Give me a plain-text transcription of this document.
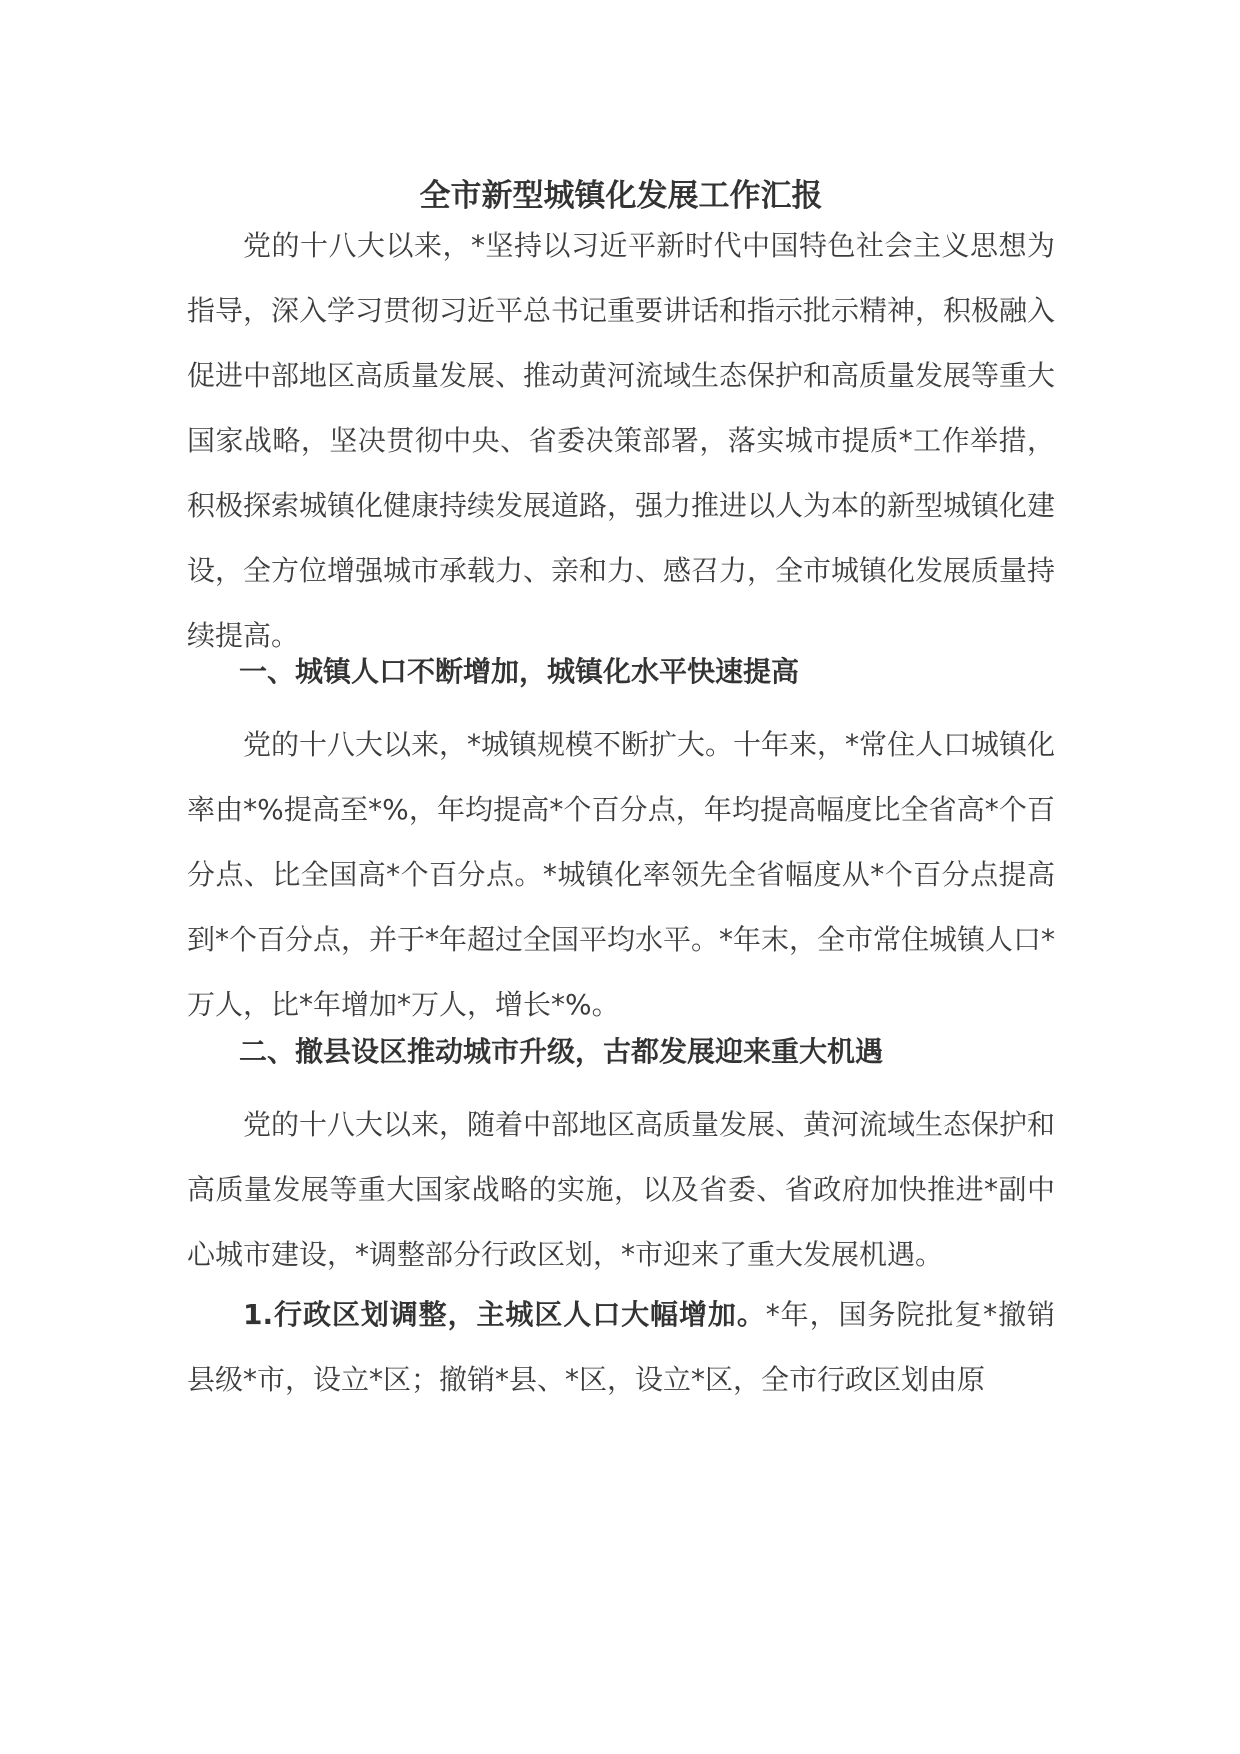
全市新型城镇化发展工作汇报

党的十八大以来，*坚持以习近平新时代中国特色社会主义思想为指导，深入学习贯彻习近平总书记重要讲话和指示批示精神，积极融入促进中部地区高质量发展、推动黄河流域生态保护和高质量发展等重大国家战略，坚决贯彻中央、省委决策部署，落实城市提质*工作举措，积极探索城镇化健康持续发展道路，强力推进以人为本的新型城镇化建设，全方位增强城市承载力、亲和力、感召力，全市城镇化发展质量持续提高。

一、城镇人口不断增加，城镇化水平快速提高

党的十八大以来，*城镇规模不断扩大。十年来，*常住人口城镇化率由*%提高至*%，年均提高*个百分点，年均提高幅度比全省高*个百分点、比全国高*个百分点。*城镇化率领先全省幅度从*个百分点提高到*个百分点，并于*年超过全国平均水平。*年末，全市常住城镇人口*万人，比*年增加*万人，增长*%。

二、撤县设区推动城市升级，古都发展迎来重大机遇

党的十八大以来，随着中部地区高质量发展、黄河流域生态保护和高质量发展等重大国家战略的实施，以及省委、省政府加快推进*副中心城市建设，*调整部分行政区划，*市迎来了重大发展机遇。

1.行政区划调整，主城区人口大幅增加。*年，国务院批复*撤销县级*市，设立*区；撤销*县、*区，设立*区，全市行政区划由原
